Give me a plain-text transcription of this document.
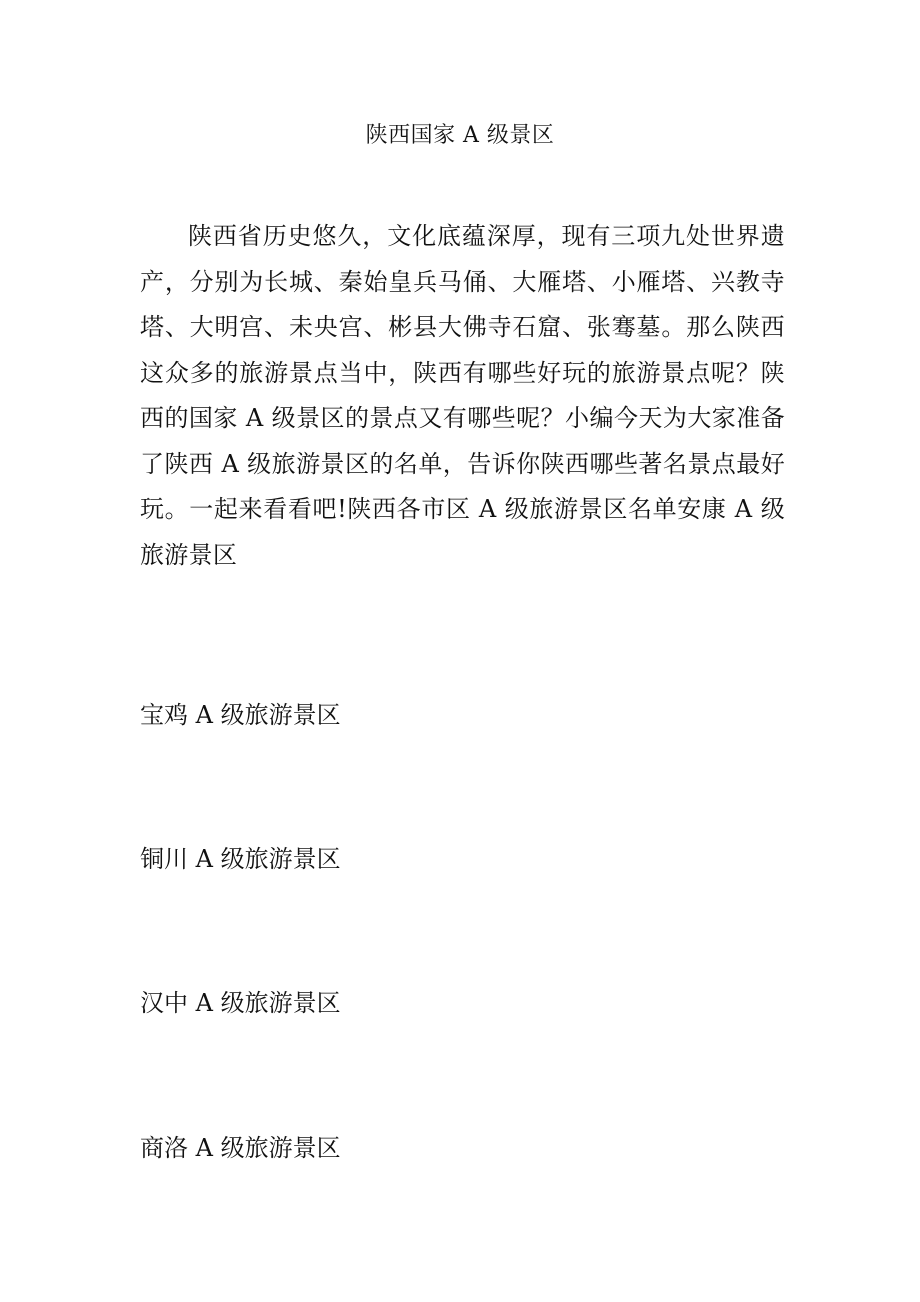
陕西国家 A 级景区

陕西省历史悠久，文化底蕴深厚，现有三项九处世界遗产，分别为长城、秦始皇兵马俑、大雁塔、小雁塔、兴教寺塔、大明宫、未央宫、彬县大佛寺石窟、张骞墓。那么陕西这众多的旅游景点当中，陕西有哪些好玩的旅游景点呢？陕西的国家 A 级景区的景点又有哪些呢？小编今天为大家准备了陕西 A 级旅游景区的名单，告诉你陕西哪些著名景点最好玩。一起来看看吧!陕西各市区 A 级旅游景区名单安康 A 级旅游景区

宝鸡 A 级旅游景区

铜川 A 级旅游景区

汉中 A 级旅游景区

商洛 A 级旅游景区
